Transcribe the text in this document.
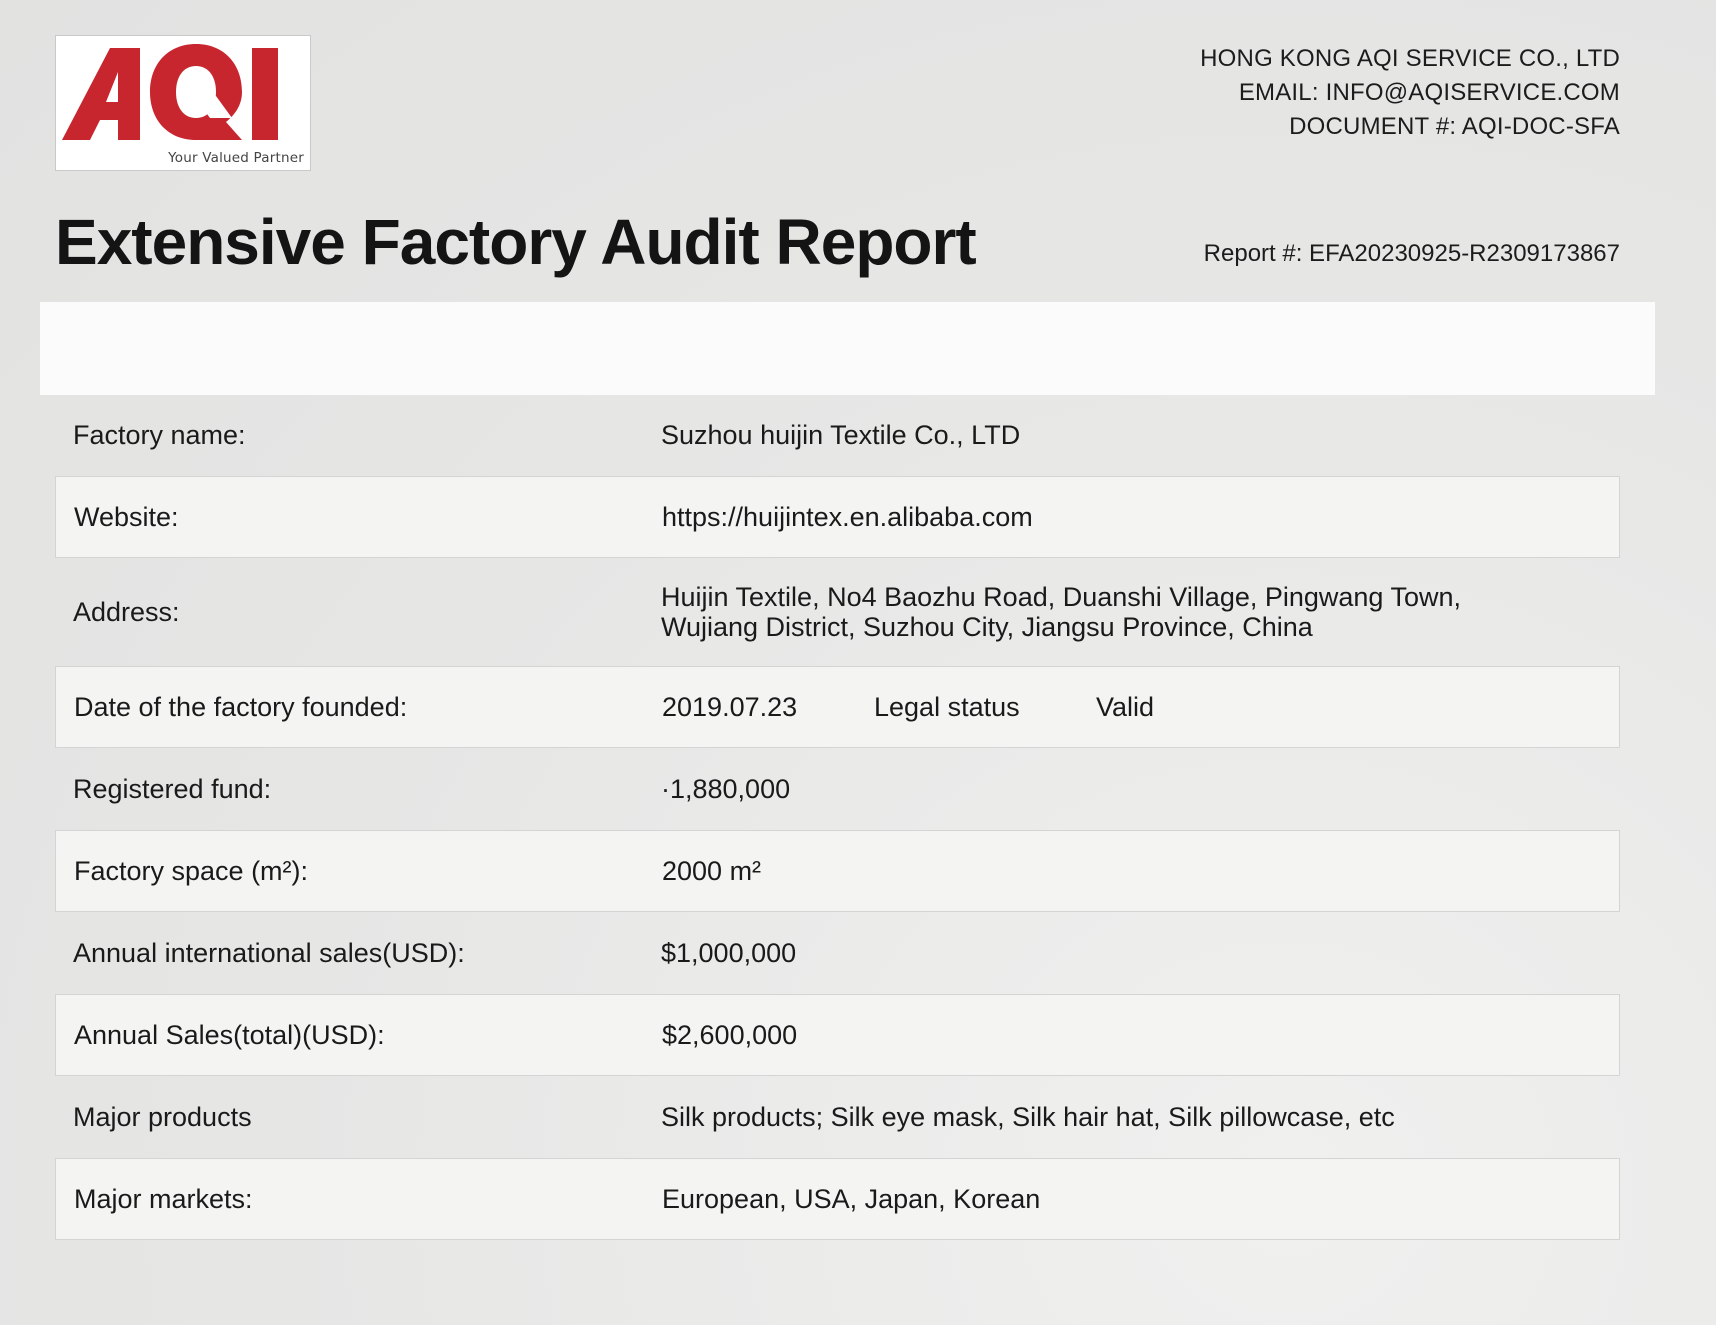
Your Valued Partner
HONG KONG AQI SERVICE CO., LTD
EMAIL: INFO@AQISERVICE.COM
DOCUMENT #: AQI-DOC-SFA
Extensive Factory Audit Report	Report #: EFA20230925-R2309173867
Factory name:	Suzhou huijin Textile Co., LTD
Website:	https://huijintex.en.alibaba.com
Address:	Huijin Textile, No4 Baozhu Road, Duanshi Village, Pingwang Town,
Wujiang District, Suzhou City, Jiangsu Province, China
Date of the factory founded:	2019.07.23	Legal status	Valid
Registered fund:	·1,880,000
Factory space (m²):	2000 m²
Annual international sales(USD):	$1,000,000
Annual Sales(total)(USD):	$2,600,000
Major products	Silk products; Silk eye mask, Silk hair hat, Silk pillowcase, etc
Major markets:	European, USA, Japan, Korean
